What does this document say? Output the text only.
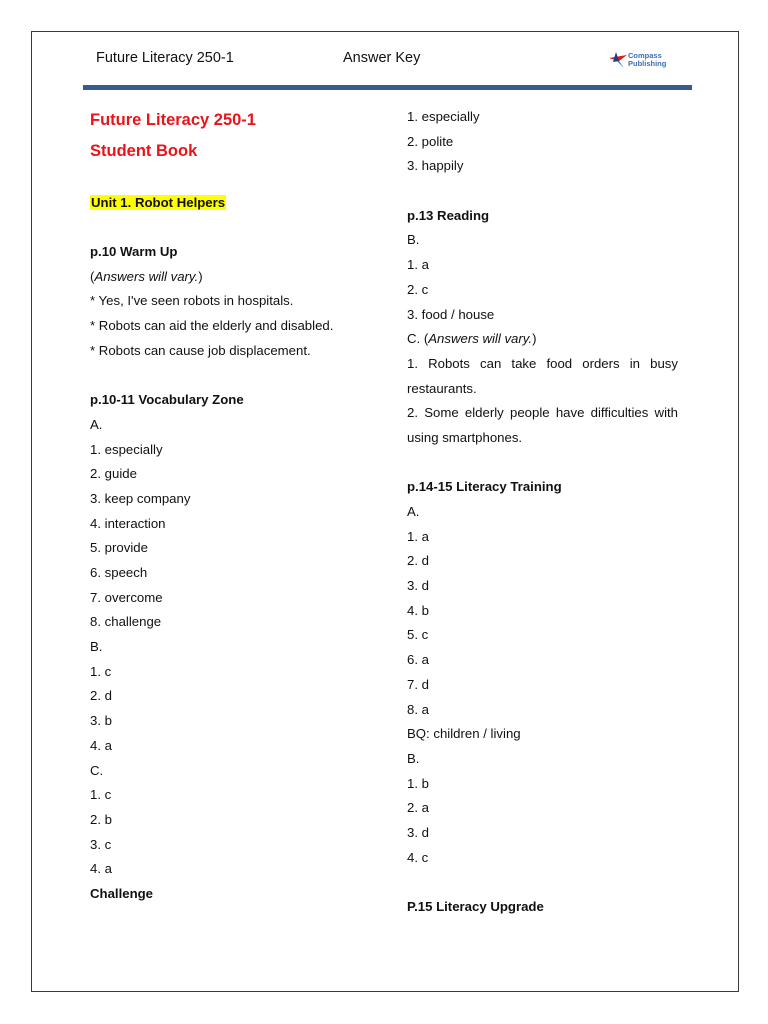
Future Literacy 250-1	Answer Key	Compass
Publishing
Future Literacy 250-1
Student Book
Unit 1. Robot Helpers
p.10 Warm Up
(Answers will vary.)
* Yes, I've seen robots in hospitals.
* Robots can aid the elderly and disabled.
* Robots can cause job displacement.
p.10-11 Vocabulary Zone
A.
1. especially
2. guide
3. keep company
4. interaction
5. provide
6. speech
7. overcome
8. challenge
B.
1. c
2. d
3. b
4. a
C.
1. c
2. b
3. c
4. a
Challenge
1. especially
2. polite
3. happily
p.13 Reading
B.
1. a
2. c
3. food / house
C. (Answers will vary.)
1. Robots can take food orders in busy restaurants.
2. Some elderly people have difficulties with using smartphones.
p.14-15 Literacy Training
A.
1. a
2. d
3. d
4. b
5. c
6. a
7. d
8. a
BQ: children / living
B.
1. b
2. a
3. d
4. c
P.15 Literacy Upgrade
